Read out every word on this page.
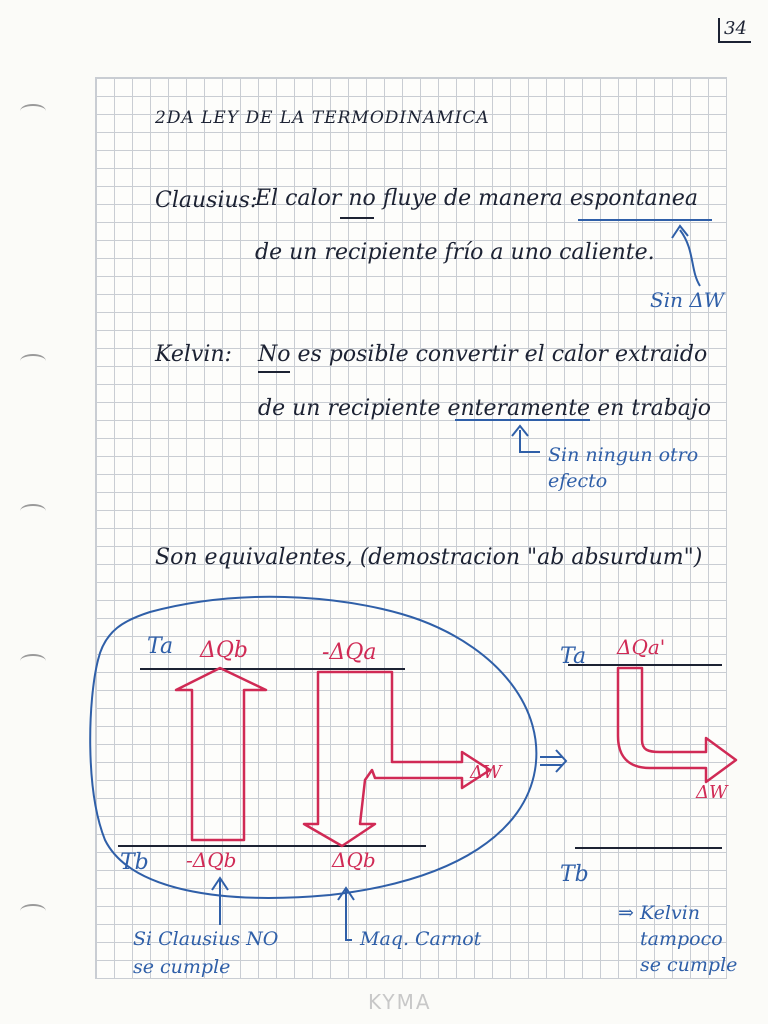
34
2DA LEY DE LA TERMODINAMICA
Clausius:
El calor no fluye de manera espontanea
de un recipiente frío a uno caliente.
Sin ΔW
Kelvin: No es posible convertir el calor extraido
de un recipiente enteramente en trabajo
Sin ningun otro
efecto
Son equivalentes, (demostracion "ab absurdum")
Ta
Tb
ΔQb	-ΔQa
-ΔQb	ΔQb
ΔW
Ta
Tb
ΔQa'
ΔW
Si Clausius NO
se cumple
Maq. Carnot
⇒ Kelvin
tampoco
se cumple
KYMA
